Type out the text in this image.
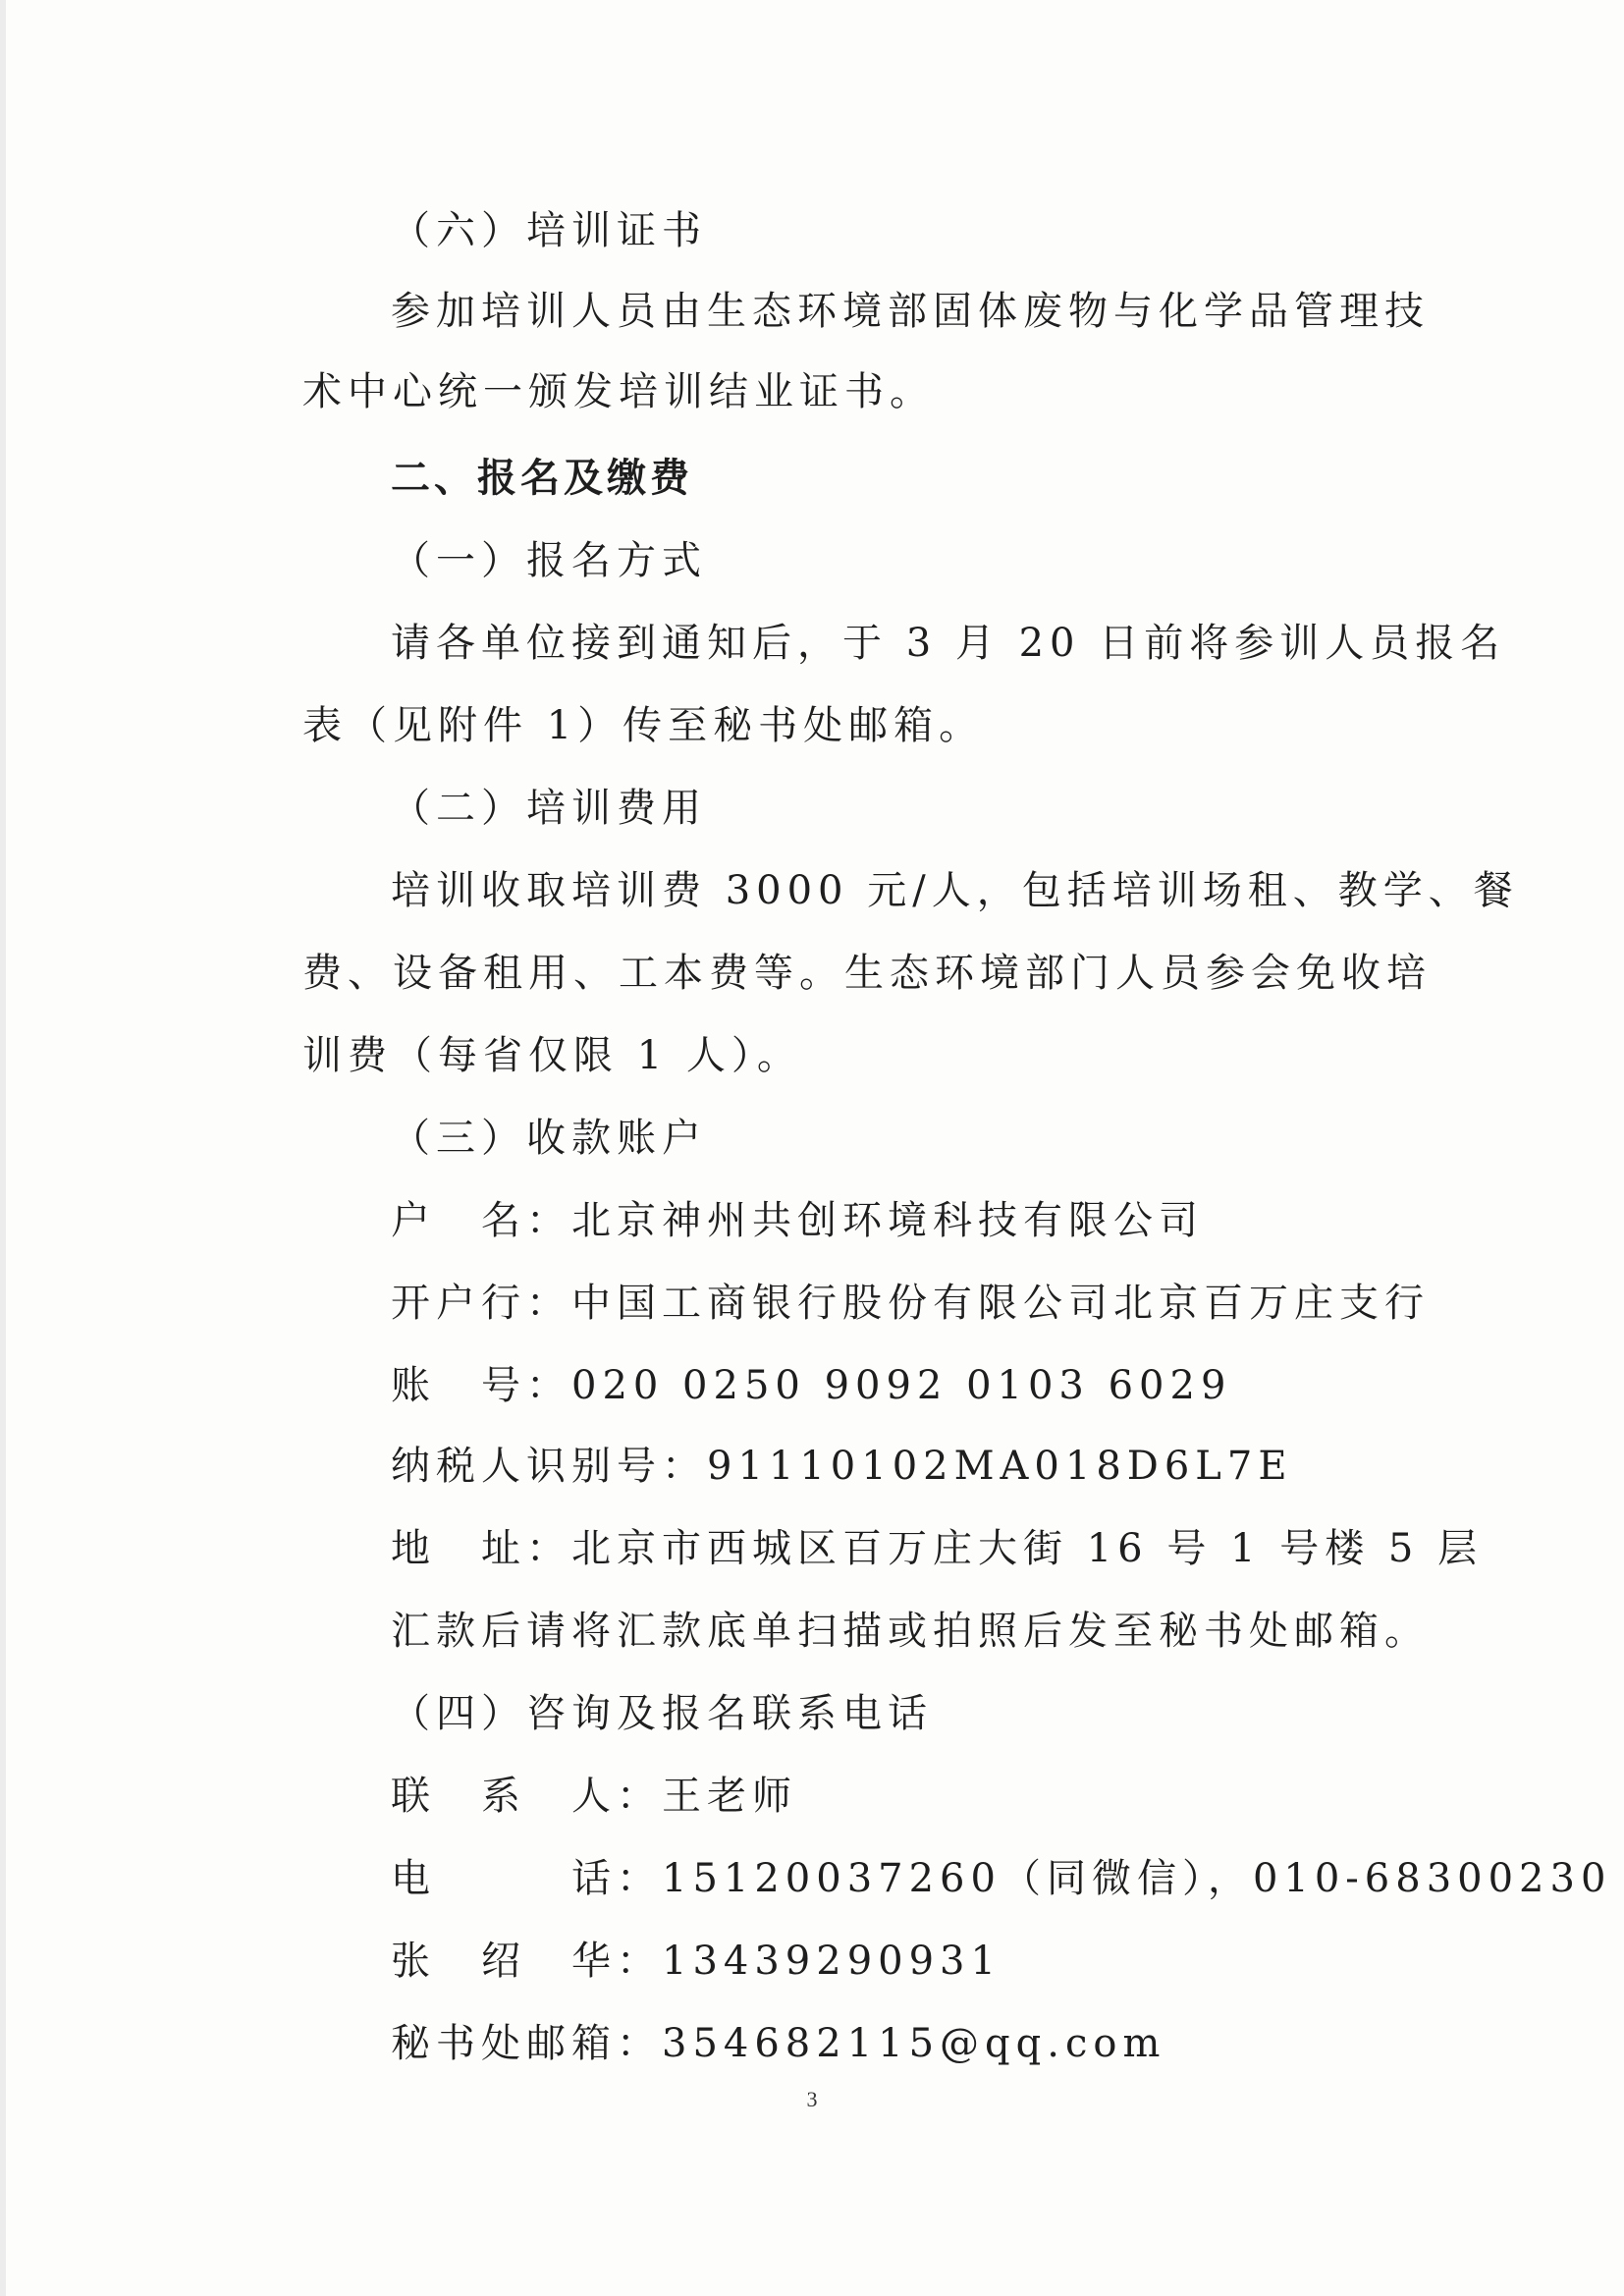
（六）培训证书
参加培训人员由生态环境部固体废物与化学品管理技
术中心统一颁发培训结业证书。
二、报名及缴费
（一）报名方式
请各单位接到通知后，于 3 月 20 日前将参训人员报名
表（见附件 1）传至秘书处邮箱。
（二）培训费用
培训收取培训费 3000 元/人，包括培训场租、教学、餐
费、设备租用、工本费等。生态环境部门人员参会免收培
训费（每省仅限 1 人）。
（三）收款账户
户　名：北京神州共创环境科技有限公司
开户行：中国工商银行股份有限公司北京百万庄支行
账　号：020 0250 9092 0103 6029
纳税人识别号：91110102MA018D6L7E
地　址：北京市西城区百万庄大街 16 号 1 号楼 5 层
汇款后请将汇款底单扫描或拍照后发至秘书处邮箱。
（四）咨询及报名联系电话
联　系　人：王老师
电　　　话：15120037260（同微信），010-68300230
张　绍　华：13439290931
秘书处邮箱：354682115@qq.com
3
